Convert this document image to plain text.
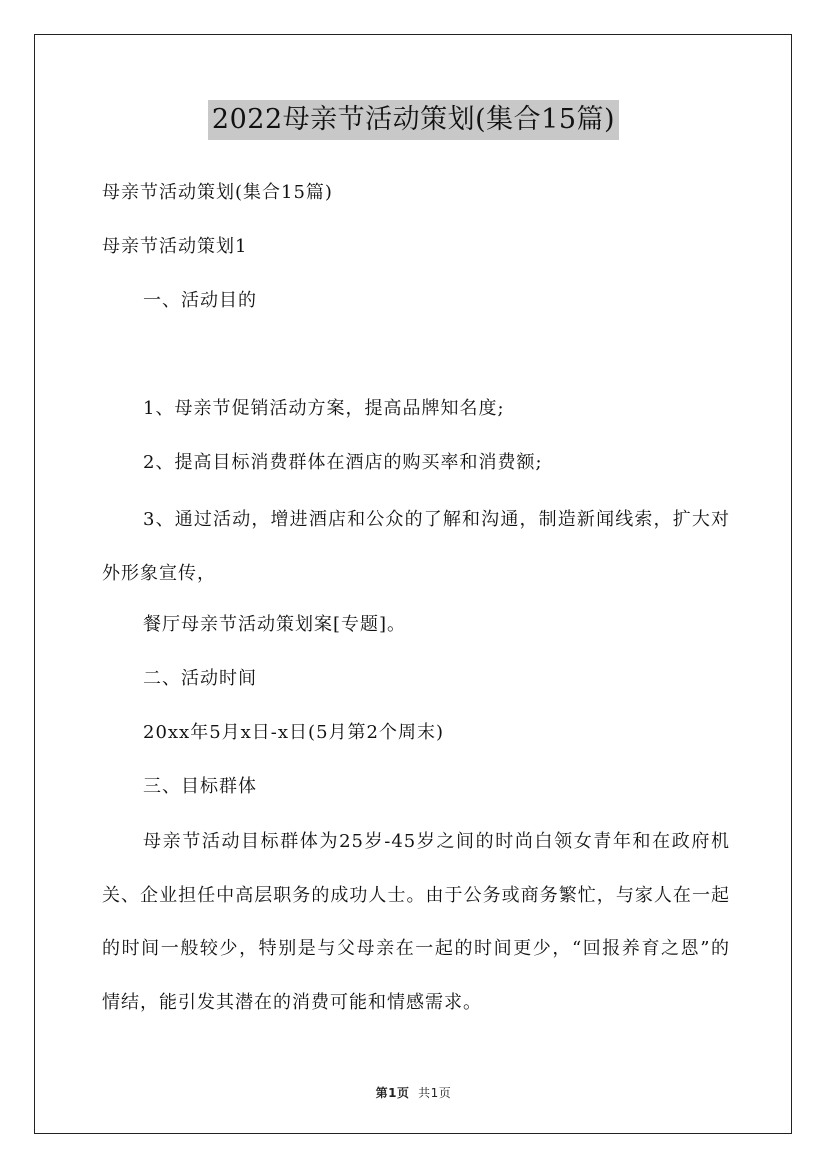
2022母亲节活动策划(集合15篇)
母亲节活动策划(集合15篇)
母亲节活动策划1
一、活动目的
1、母亲节促销活动方案，提高品牌知名度;
2、提高目标消费群体在酒店的购买率和消费额;
3、通过活动，增进酒店和公众的了解和沟通，制造新闻线索，扩大对外形象宣传，
餐厅母亲节活动策划案[专题]。
二、活动时间
20xx年5月x日-x日(5月第2个周末)
三、目标群体
母亲节活动目标群体为25岁-45岁之间的时尚白领女青年和在政府机关、企业担任中高层职务的成功人士。由于公务或商务繁忙，与家人在一起的时间一般较少，特别是与父母亲在一起的时间更少，“回报养育之恩”的情结，能引发其潜在的消费可能和情感需求。
第1页 共1页
